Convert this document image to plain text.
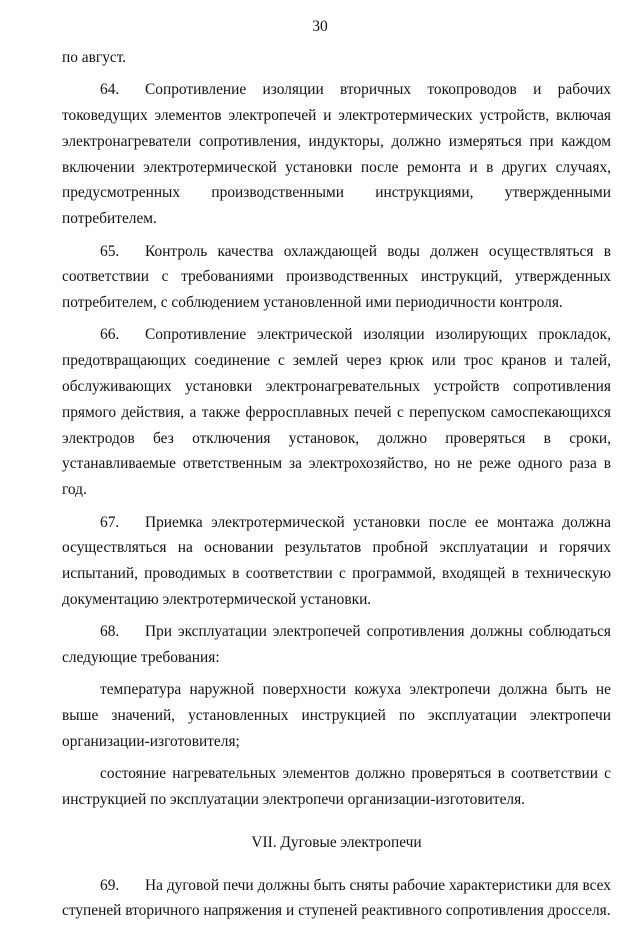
30

по август.

64. Сопротивление изоляции вторичных токопроводов и рабочих токоведущих элементов электропечей и электротермических устройств, включая электронагреватели сопротивления, индукторы, должно измеряться при каждом включении электротермической установки после ремонта и в других случаях, предусмотренных производственными инструкциями, утвержденными потребителем.

65. Контроль качества охлаждающей воды должен осуществляться в соответствии с требованиями производственных инструкций, утвержденных потребителем, с соблюдением установленной ими периодичности контроля.

66. Сопротивление электрической изоляции изолирующих прокладок, предотвращающих соединение с землей через крюк или трос кранов и талей, обслуживающих установки электронагревательных устройств сопротивления прямого действия, а также ферросплавных печей с перепуском самоспекающихся электродов без отключения установок, должно проверяться в сроки, устанавливаемые ответственным за электрохозяйство, но не реже одного раза в год.

67. Приемка электротермической установки после ее монтажа должна осуществляться на основании результатов пробной эксплуатации и горячих испытаний, проводимых в соответствии с программой, входящей в техническую документацию электротермической установки.

68. При эксплуатации электропечей сопротивления должны соблюдаться следующие требования:

температура наружной поверхности кожуха электропечи должна быть не выше значений, установленных инструкцией по эксплуатации электропечи организации-изготовителя;

состояние нагревательных элементов должно проверяться в соответствии с инструкцией по эксплуатации электропечи организации-изготовителя.

VII. Дуговые электропечи

69. На дуговой печи должны быть сняты рабочие характеристики для всех ступеней вторичного напряжения и ступеней реактивного сопротивления дросселя.
